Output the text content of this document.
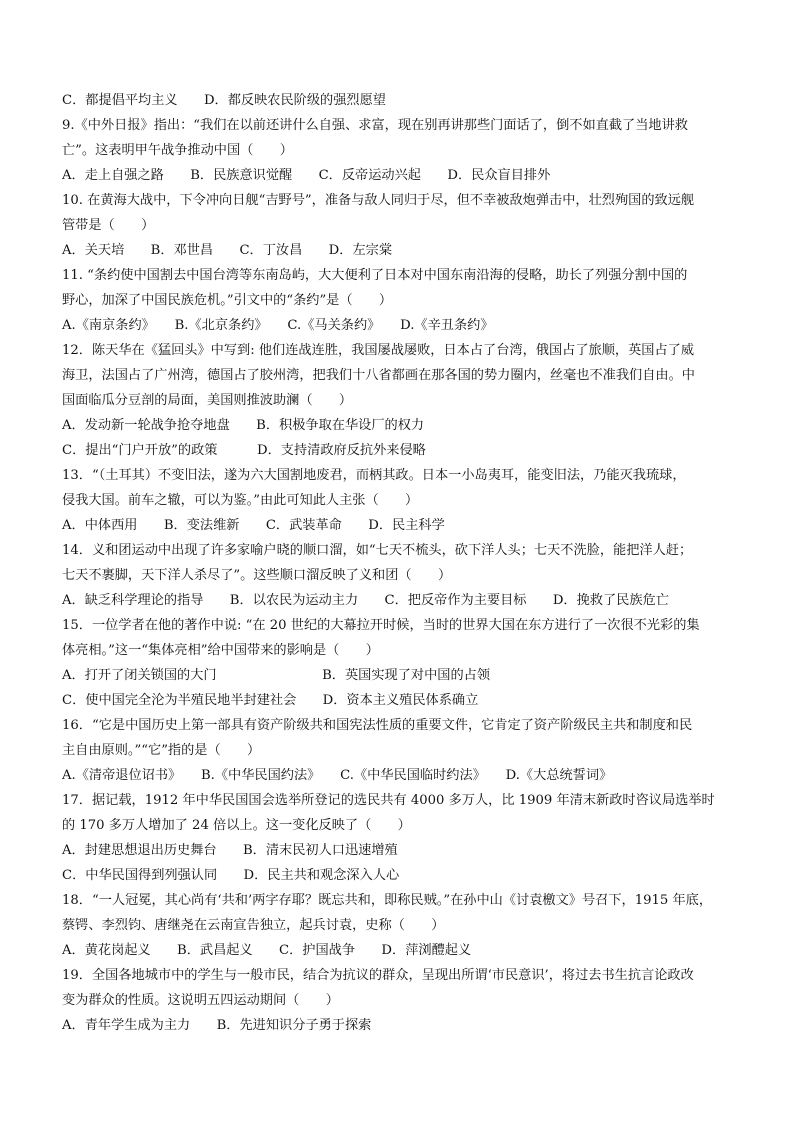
C．都提倡平均主义　　D．都反映农民阶级的强烈愿望
9.《中外日报》指出：“我们在以前还讲什么自强、求富，现在别再讲那些门面话了，倒不如直截了当地讲救
亡”。这表明甲午战争推动中国（　　）
A．走上自强之路　　B．民族意识觉醒　　C．反帝运动兴起　　D．民众盲目排外
10. 在黄海大战中，下令冲向日舰“吉野号”，准备与敌人同归于尽，但不幸被敌炮弹击中，壮烈殉国的致远舰
管带是（　　）
A．关天培　　B．邓世昌　　C．丁汝昌　　D．左宗棠
11. “条约使中国割去中国台湾等东南岛屿，大大便利了日本对中国东南沿海的侵略，助长了列强分割中国的
野心，加深了中国民族危机。”引文中的“条约”是（　　）
A.《南京条约》　　B.《北京条约》　　C.《马关条约》　　D.《辛丑条约》
12．陈天华在《猛回头》中写到: 他们连战连胜，我国屡战屡败，日本占了台湾，俄国占了旅顺，英国占了威
海卫，法国占了广州湾，德国占了胶州湾，把我们十八省都画在那各国的势力圈内，丝毫也不准我们自由。中
国面临瓜分豆剖的局面，美国则推波助澜（　　）
A．发动新一轮战争抢夺地盘　　B．积极争取在华设厂的权力
C．提出“门户开放”的政策　　　D．支持清政府反抗外来侵略
13．“（土耳其）不变旧法，遂为六大国割地废君，而柄其政。日本一小岛夷耳，能变旧法，乃能灭我琉球，
侵我大国。前车之辙，可以为鉴。”由此可知此人主张（　　）
A．中体西用　　B．变法维新　　C．武装革命　　D．民主科学
14．义和团运动中出现了许多家喻户晓的顺口溜，如“七天不梳头，砍下洋人头；七天不洗脸，能把洋人赶；
七天不裹脚，天下洋人杀尽了”。这些顺口溜反映了义和团（　　）
A．缺乏科学理论的指导　　B．以农民为运动主力　　C．把反帝作为主要目标　　D．挽救了民族危亡
15．一位学者在他的著作中说: “在 20 世纪的大幕拉开时候，当时的世界大国在东方进行了一次很不光彩的集
体亮相。”这一“集体亮相”给中国带来的影响是（　　）
A．打开了闭关锁国的大门　　　　　　　　B．英国实现了对中国的占领
C．使中国完全沦为半殖民地半封建社会　　D．资本主义殖民体系确立
16．“它是中国历史上第一部具有资产阶级共和国宪法性质的重要文件，它肯定了资产阶级民主共和制度和民
主自由原则。”“它”指的是（　　）
A.《清帝退位诏书》　　B.《中华民国约法》　　C.《中华民国临时约法》　　D.《大总统誓词》
17．据记载，1912 年中华民国国会选举所登记的选民共有 4000 多万人，比 1909 年清末新政时咨议局选举时
的 170 多万人增加了 24 倍以上。这一变化反映了（　　）
A．封建思想退出历史舞台　　B．清末民初人口迅速增殖
C．中华民国得到列强认同　　D．民主共和观念深入人心
18．“一人冠冕，其心尚有‘共和’两字存耶？既忘共和，即称民贼。”在孙中山《讨袁檄文》号召下，1915 年底，
蔡锷、李烈钧、唐继尧在云南宣告独立，起兵讨袁，史称（　　）
A．黄花岗起义　　B．武昌起义　　C．护国战争　　D．萍浏醴起义
19．全国各地城市中的学生与一般市民，结合为抗议的群众，呈现出所谓‘市民意识’，将过去书生抗言论政改
变为群众的性质。这说明五四运动期间（　　）
A．青年学生成为主力　　B．先进知识分子勇于探索
